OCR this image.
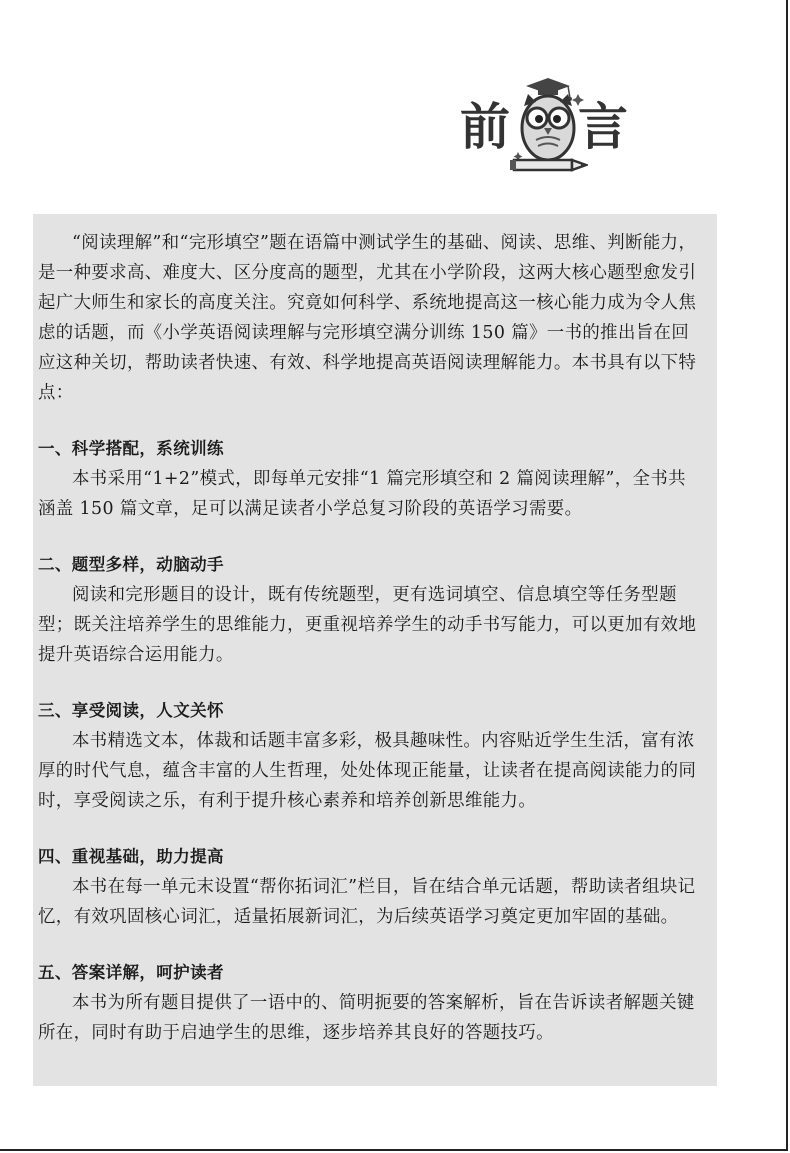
前 言

“阅读理解”和“完形填空”题在语篇中测试学生的基础、阅读、思维、判断能力，是一种要求高、难度大、区分度高的题型，尤其在小学阶段，这两大核心题型愈发引起广大师生和家长的高度关注。究竟如何科学、系统地提高这一核心能力成为令人焦虑的话题，而《小学英语阅读理解与完形填空满分训练 150 篇》一书的推出旨在回应这种关切，帮助读者快速、有效、科学地提高英语阅读理解能力。本书具有以下特点：

一、科学搭配，系统训练

本书采用“1+2”模式，即每单元安排“1 篇完形填空和 2 篇阅读理解”，全书共涵盖 150 篇文章，足可以满足读者小学总复习阶段的英语学习需要。

二、题型多样，动脑动手

阅读和完形题目的设计，既有传统题型，更有选词填空、信息填空等任务型题型；既关注培养学生的思维能力，更重视培养学生的动手书写能力，可以更加有效地提升英语综合运用能力。

三、享受阅读，人文关怀

本书精选文本，体裁和话题丰富多彩，极具趣味性。内容贴近学生生活，富有浓厚的时代气息，蕴含丰富的人生哲理，处处体现正能量，让读者在提高阅读能力的同时，享受阅读之乐，有利于提升核心素养和培养创新思维能力。

四、重视基础，助力提高

本书在每一单元末设置“帮你拓词汇”栏目，旨在结合单元话题，帮助读者组块记忆，有效巩固核心词汇，适量拓展新词汇，为后续英语学习奠定更加牢固的基础。

五、答案详解，呵护读者

本书为所有题目提供了一语中的、简明扼要的答案解析，旨在告诉读者解题关键所在，同时有助于启迪学生的思维，逐步培养其良好的答题技巧。
